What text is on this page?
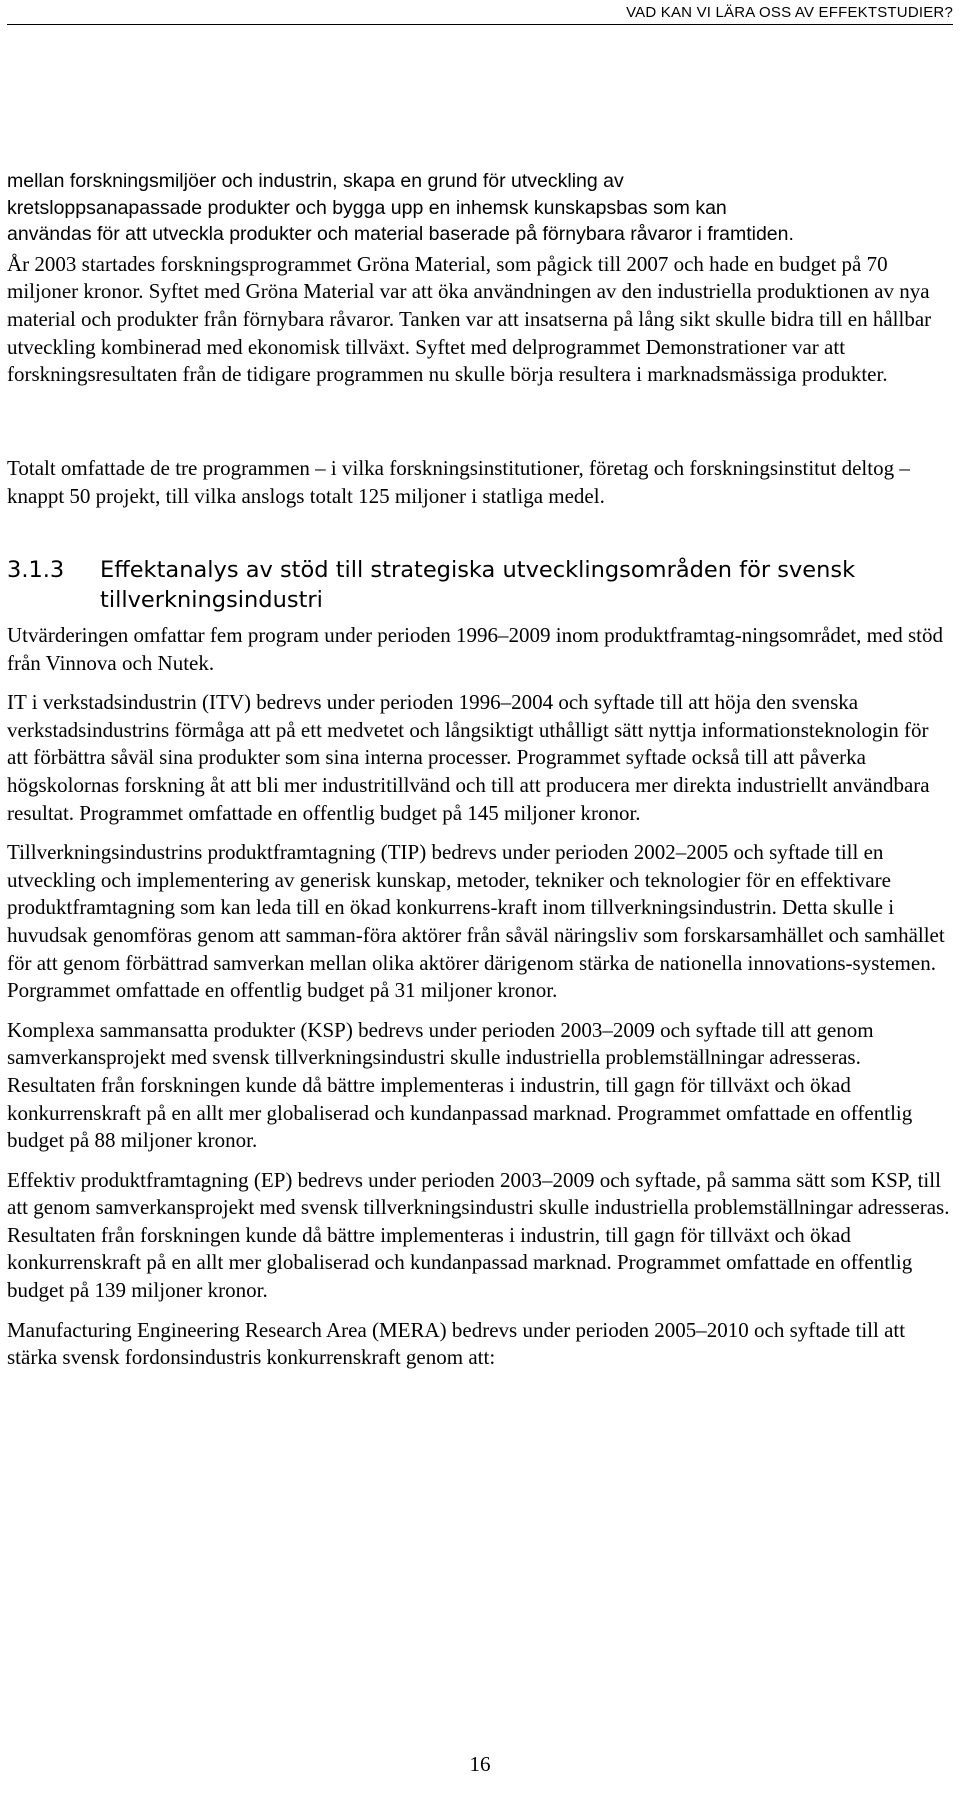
VAD KAN VI LÄRA OSS AV EFFEKTSTUDIER?
mellan forskningsmiljöer och industrin, skapa en grund för utveckling av
kretsloppsanapassade produkter och bygga upp en inhemsk kunskapsbas som kan
användas för att utveckla produkter och material baserade på förnybara råvaror i framtiden.

År 2003 startades forskningsprogrammet Gröna Material, som pågick till 2007 och hade en budget på 70 miljoner kronor. Syftet med Gröna Material var att öka användningen av den industriella produktionen av nya material och produkter från förnybara råvaror. Tanken var att insatserna på lång sikt skulle bidra till en hållbar utveckling kombinerad med ekonomisk tillväxt. Syftet med delprogrammet Demonstrationer var att forskningsresultaten från de tidigare programmen nu skulle börja resultera i marknadsmässiga produkter.

Totalt omfattade de tre programmen – i vilka forskningsinstitutioner, företag och forskningsinstitut deltog – knappt 50 projekt, till vilka anslogs totalt 125 miljoner i statliga medel.

3.1.3	Effektanalys av stöd till strategiska utvecklingsområden för svensk tillverkningsindustri

Utvärderingen omfattar fem program under perioden 1996–2009 inom produktframtag-ningsområdet, med stöd från Vinnova och Nutek.

IT i verkstadsindustrin (ITV) bedrevs under perioden 1996–2004 och syftade till att höja den svenska verkstadsindustrins förmåga att på ett medvetet och långsiktigt uthålligt sätt nyttja informationsteknologin för att förbättra såväl sina produkter som sina interna processer. Programmet syftade också till att påverka högskolornas forskning åt att bli mer industritillvänd och till att producera mer direkta industriellt användbara resultat. Programmet omfattade en offentlig budget på 145 miljoner kronor.

Tillverkningsindustrins produktframtagning (TIP) bedrevs under perioden 2002–2005 och syftade till en utveckling och implementering av generisk kunskap, metoder, tekniker och teknologier för en effektivare produktframtagning som kan leda till en ökad konkurrens-kraft inom tillverkningsindustrin. Detta skulle i huvudsak genomföras genom att samman-föra aktörer från såväl näringsliv som forskarsamhället och samhället för att genom förbättrad samverkan mellan olika aktörer därigenom stärka de nationella innovations-systemen. Porgrammet omfattade en offentlig budget på 31 miljoner kronor.

Komplexa sammansatta produkter (KSP) bedrevs under perioden 2003–2009 och syftade till att genom samverkansprojekt med svensk tillverkningsindustri skulle industriella problemställningar adresseras. Resultaten från forskningen kunde då bättre implementeras i industrin, till gagn för tillväxt och ökad konkurrenskraft på en allt mer globaliserad och kundanpassad marknad. Programmet omfattade en offentlig budget på 88 miljoner kronor.

Effektiv produktframtagning (EP) bedrevs under perioden 2003–2009 och syftade, på samma sätt som KSP, till att genom samverkansprojekt med svensk tillverkningsindustri skulle industriella problemställningar adresseras. Resultaten från forskningen kunde då bättre implementeras i industrin, till gagn för tillväxt och ökad konkurrenskraft på en allt mer globaliserad och kundanpassad marknad. Programmet omfattade en offentlig budget på 139 miljoner kronor.

Manufacturing Engineering Research Area (MERA) bedrevs under perioden 2005–2010 och syftade till att stärka svensk fordonsindustris konkurrenskraft genom att:

16
